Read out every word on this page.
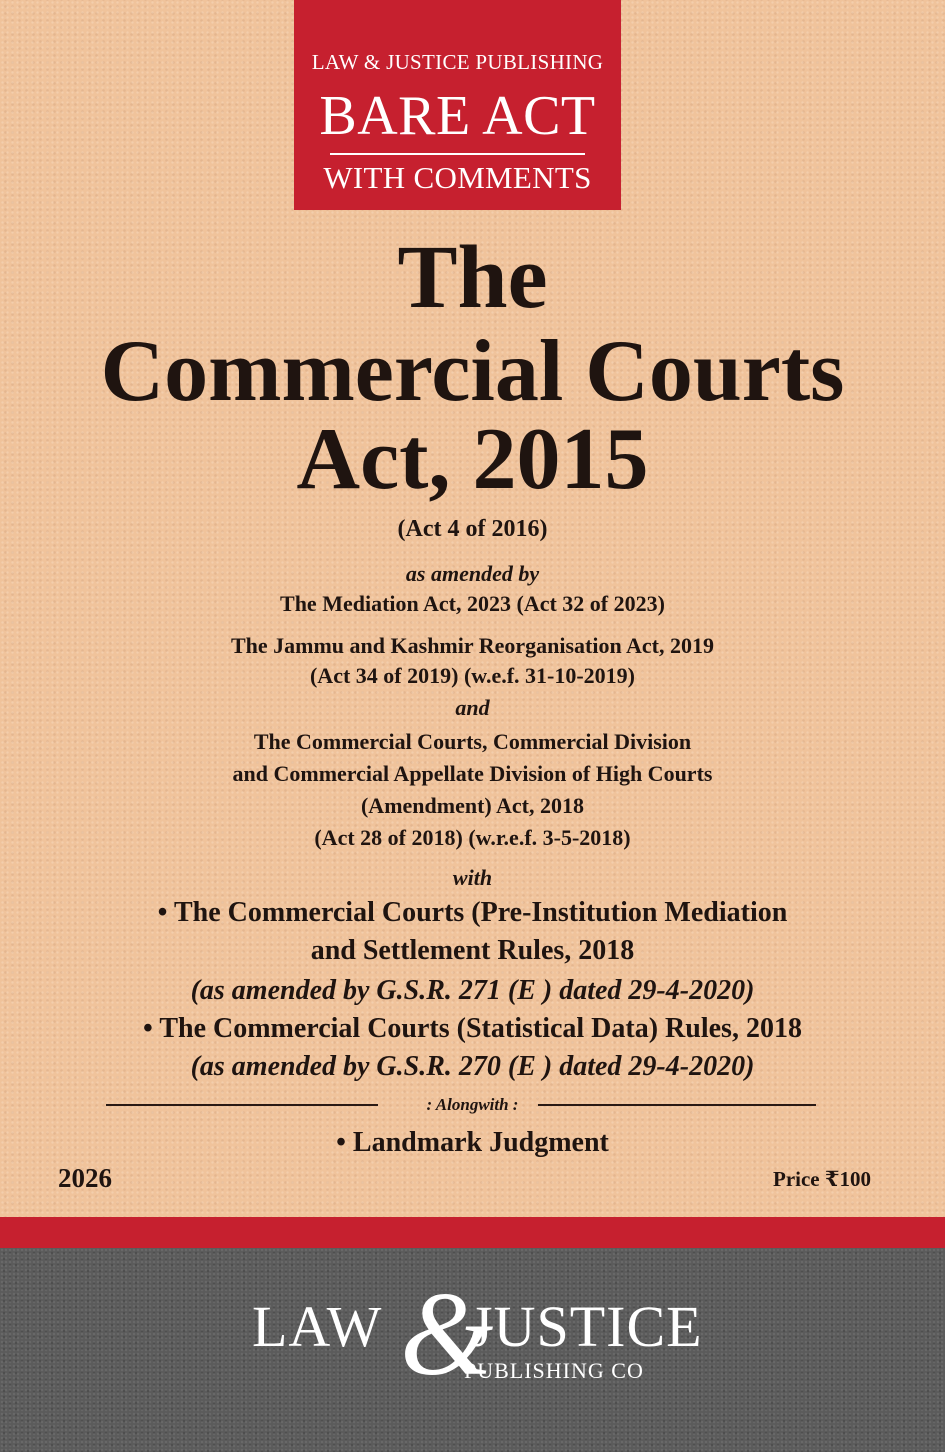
LAW & JUSTICE PUBLISHING
BARE ACT
WITH COMMENTS
The
Commercial Courts
Act, 2015
(Act 4 of 2016)
as amended by
The Mediation Act, 2023 (Act 32 of 2023)
The Jammu and Kashmir Reorganisation Act, 2019
(Act 34 of 2019) (w.e.f. 31-10-2019)
and
The Commercial Courts, Commercial Division
and Commercial Appellate Division of High Courts
(Amendment) Act, 2018
(Act 28 of 2018) (w.r.e.f. 3-5-2018)
with
• The Commercial Courts (Pre-Institution Mediation
and Settlement Rules, 2018
(as amended by G.S.R. 271 (E ) dated 29-4-2020)
• The Commercial Courts (Statistical Data) Rules, 2018
(as amended by G.S.R. 270 (E ) dated 29-4-2020)
: Alongwith :
• Landmark Judgment
2026	Price ₹100
LAW &
JUSTICE
PUBLISHING CO
